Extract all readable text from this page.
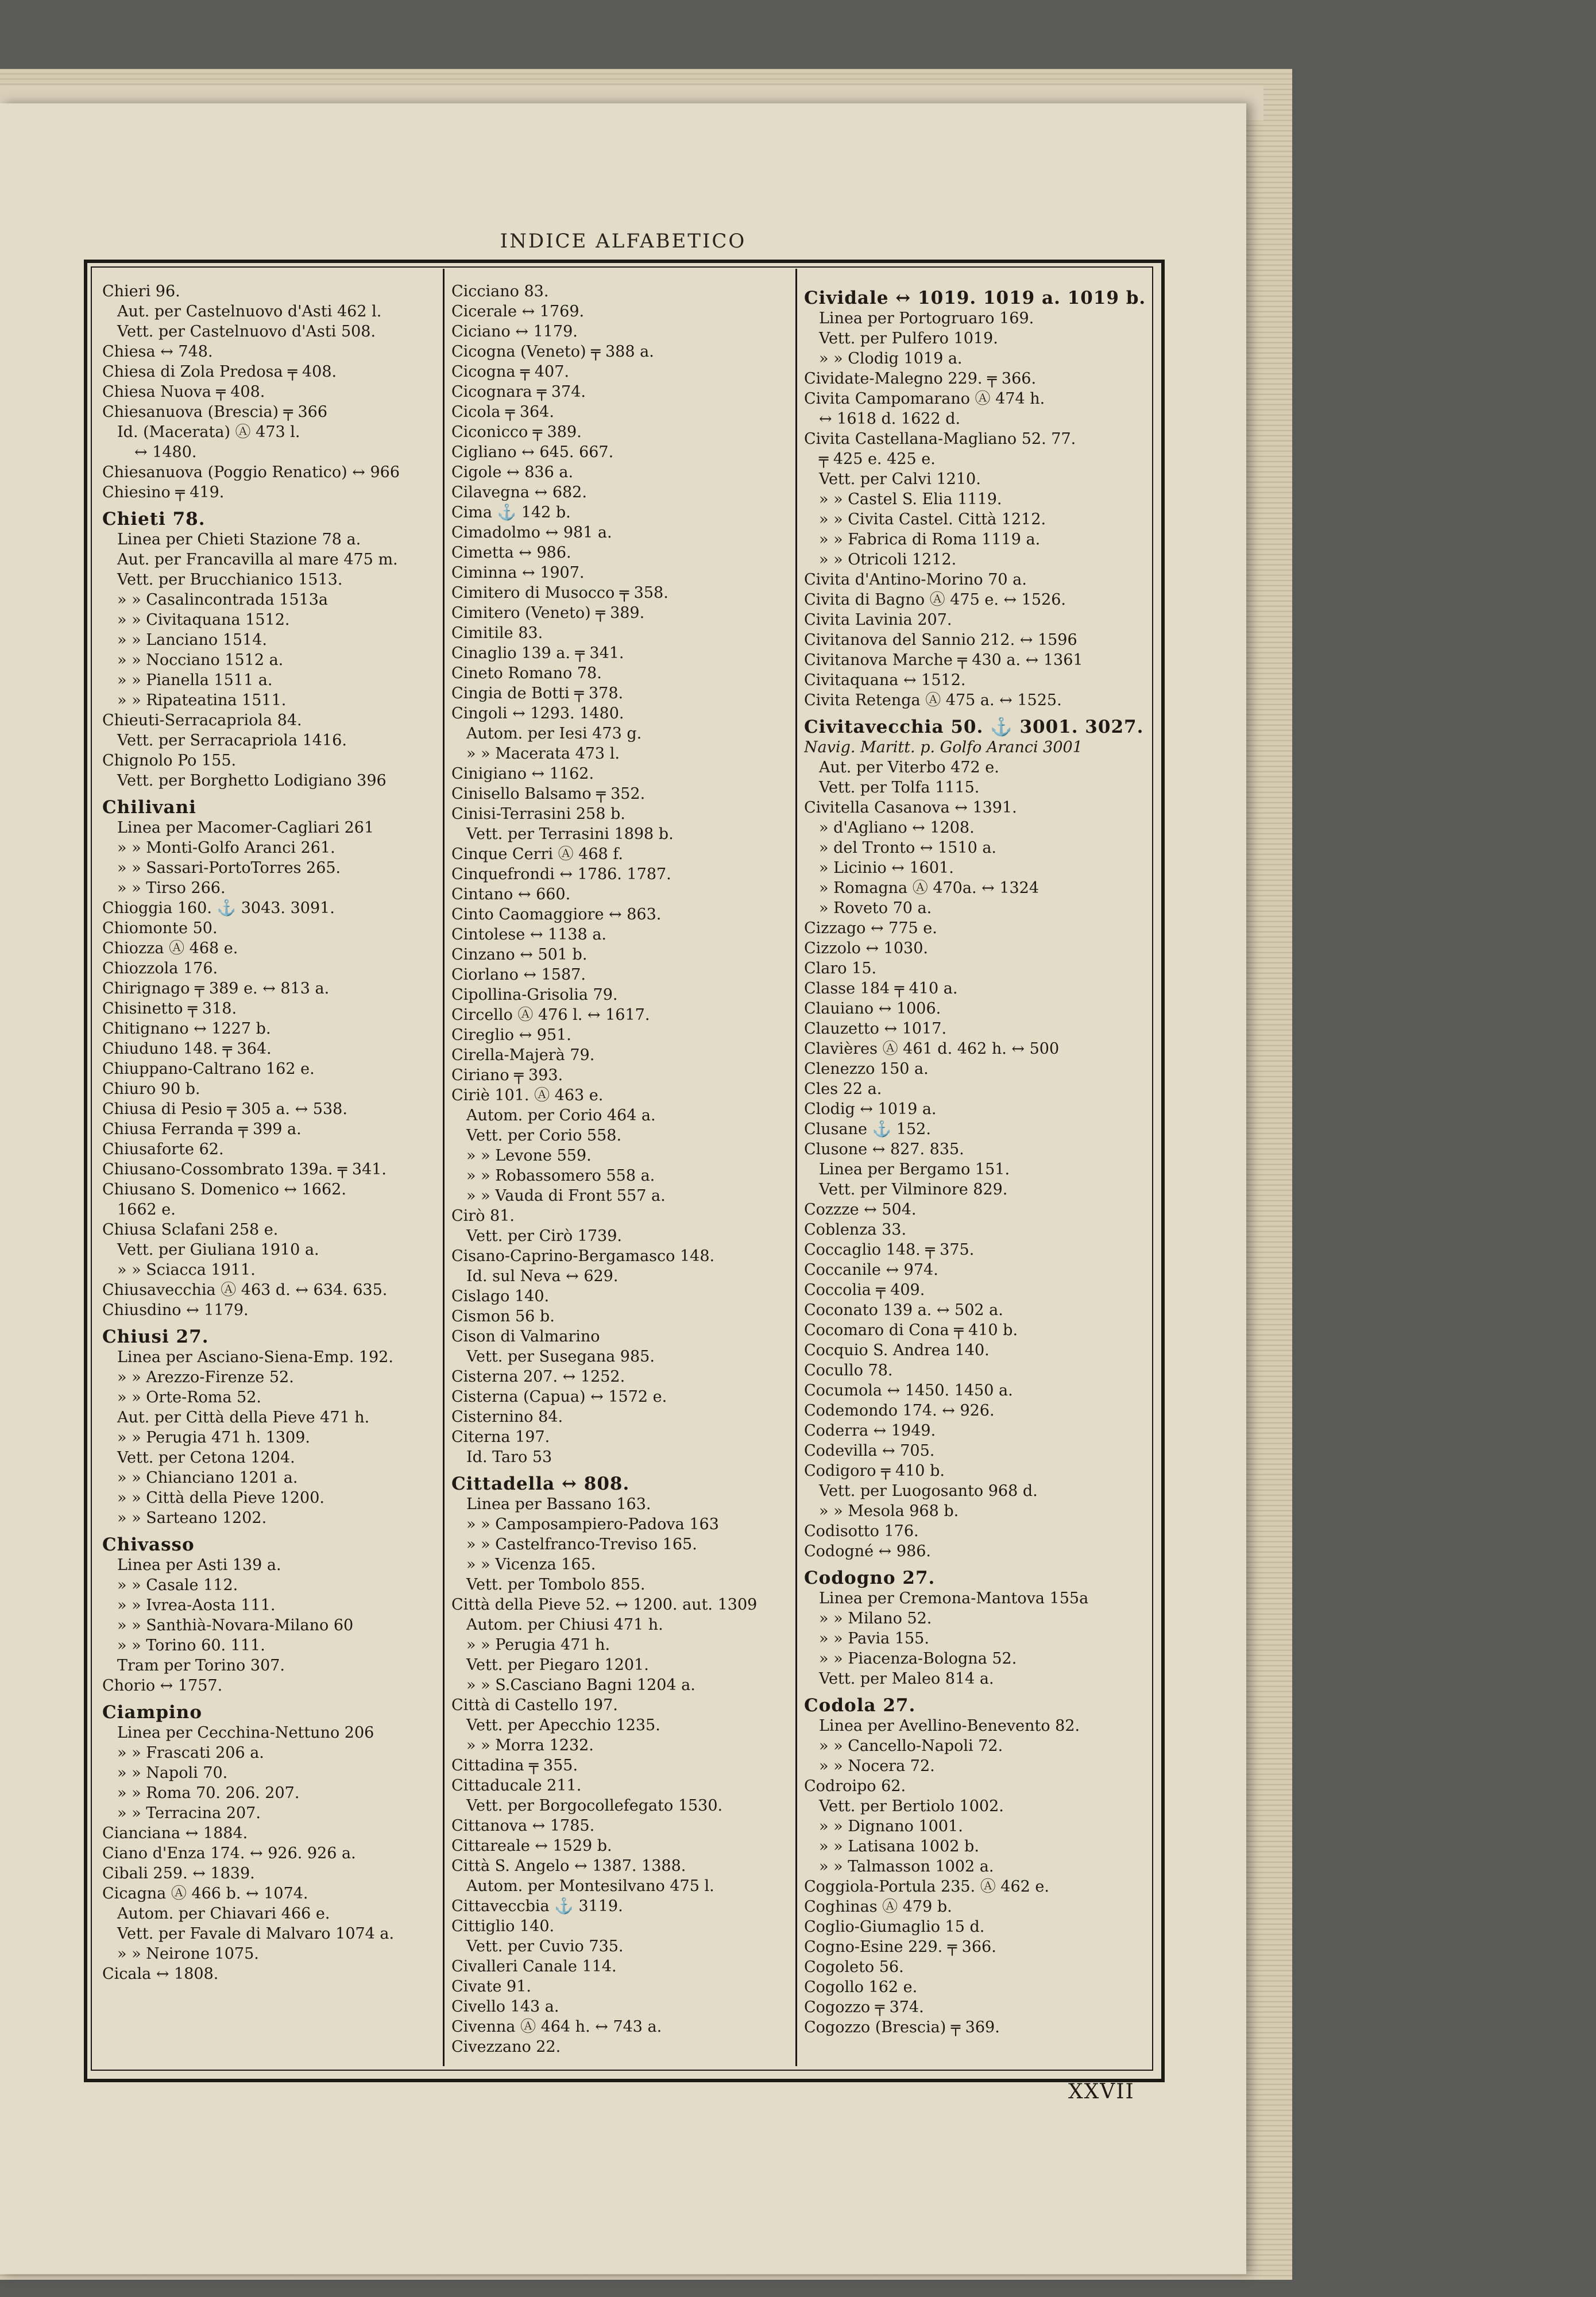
INDICE ALFABETICO
Chieri 96.
Aut. per Castelnuovo d'Asti 462 l.
Vett. per Castelnuovo d'Asti 508.
Chiesa ↔ 748.
Chiesa di Zola Predosa ╤ 408.
Chiesa Nuova ╤ 408.
Chiesanuova (Brescia) ╤ 366
Id. (Macerata) Ⓐ 473 l.
↔ 1480.
Chiesanuova (Poggio Renatico) ↔ 966
Chiesino ╤ 419.
Chieti 78.
Linea per Chieti Stazione 78 a.
Aut. per Francavilla al mare 475 m.
Vett. per Brucchianico 1513.
» » Casalincontrada 1513a
» » Civitaquana 1512.
» » Lanciano 1514.
» » Nocciano 1512 a.
» » Pianella 1511 a.
» » Ripateatina 1511.
Chieuti-Serracapriola 84.
Vett. per Serracapriola 1416.
Chignolo Po 155.
Vett. per Borghetto Lodigiano 396
Chilivani
Linea per Macomer-Cagliari 261
» » Monti-Golfo Aranci 261.
» » Sassari-PortoTorres 265.
» » Tirso 266.
Chioggia 160. ⚓ 3043. 3091.
Chiomonte 50.
Chiozza Ⓐ 468 e.
Chiozzola 176.
Chirignago ╤ 389 e. ↔ 813 a.
Chisinetto ╤ 318.
Chitignano ↔ 1227 b.
Chiuduno 148. ╤ 364.
Chiuppano-Caltrano 162 e.
Chiuro 90 b.
Chiusa di Pesio ╤ 305 a. ↔ 538.
Chiusa Ferranda ╤ 399 a.
Chiusaforte 62.
Chiusano-Cossombrato 139a. ╤ 341.
Chiusano S. Domenico ↔ 1662.
1662 e.
Chiusa Sclafani 258 e.
Vett. per Giuliana 1910 a.
» » Sciacca 1911.
Chiusavecchia Ⓐ 463 d. ↔ 634. 635.
Chiusdino ↔ 1179.
Chiusi 27.
Linea per Asciano-Siena-Emp. 192.
» » Arezzo-Firenze 52.
» » Orte-Roma 52.
Aut. per Città della Pieve 471 h.
» » Perugia 471 h. 1309.
Vett. per Cetona 1204.
» » Chianciano 1201 a.
» » Città della Pieve 1200.
» » Sarteano 1202.
Chivasso
Linea per Asti 139 a.
» » Casale 112.
» » Ivrea-Aosta 111.
» » Santhià-Novara-Milano 60
» » Torino 60. 111.
Tram per Torino 307.
Chorio ↔ 1757.
Ciampino
Linea per Cecchina-Nettuno 206
» » Frascati 206 a.
» » Napoli 70.
» » Roma 70. 206. 207.
» » Terracina 207.
Cianciana ↔ 1884.
Ciano d'Enza 174. ↔ 926. 926 a.
Cibali 259. ↔ 1839.
Cicagna Ⓐ 466 b. ↔ 1074.
Autom. per Chiavari 466 e.
Vett. per Favale di Malvaro 1074 a.
» » Neirone 1075.
Cicala ↔ 1808.
Cicciano 83.
Cicerale ↔ 1769.
Ciciano ↔ 1179.
Cicogna (Veneto) ╤ 388 a.
Cicogna ╤ 407.
Cicognara ╤ 374.
Cicola ╤ 364.
Ciconicco ╤ 389.
Cigliano ↔ 645. 667.
Cigole ↔ 836 a.
Cilavegna ↔ 682.
Cima ⚓ 142 b.
Cimadolmo ↔ 981 a.
Cimetta ↔ 986.
Ciminna ↔ 1907.
Cimitero di Musocco ╤ 358.
Cimitero (Veneto) ╤ 389.
Cimitile 83.
Cinaglio 139 a. ╤ 341.
Cineto Romano 78.
Cingia de Botti ╤ 378.
Cingoli ↔ 1293. 1480.
Autom. per Iesi 473 g.
» » Macerata 473 l.
Cinigiano ↔ 1162.
Cinisello Balsamo ╤ 352.
Cinisi-Terrasini 258 b.
Vett. per Terrasini 1898 b.
Cinque Cerri Ⓐ 468 f.
Cinquefrondi ↔ 1786. 1787.
Cintano ↔ 660.
Cinto Caomaggiore ↔ 863.
Cintolese ↔ 1138 a.
Cinzano ↔ 501 b.
Ciorlano ↔ 1587.
Cipollina-Grisolia 79.
Circello Ⓐ 476 l. ↔ 1617.
Cireglio ↔ 951.
Cirella-Majerà 79.
Ciriano ╤ 393.
Ciriè 101. Ⓐ 463 e.
Autom. per Corio 464 a.
Vett. per Corio 558.
» » Levone 559.
» » Robassomero 558 a.
» » Vauda di Front 557 a.
Cirò 81.
Vett. per Cirò 1739.
Cisano-Caprino-Bergamasco 148.
Id. sul Neva ↔ 629.
Cislago 140.
Cismon 56 b.
Cison di Valmarino
Vett. per Susegana 985.
Cisterna 207. ↔ 1252.
Cisterna (Capua) ↔ 1572 e.
Cisternino 84.
Citerna 197.
Id. Taro 53
Cittadella ↔ 808.
Linea per Bassano 163.
» » Camposampiero-Padova 163
» » Castelfranco-Treviso 165.
» » Vicenza 165.
Vett. per Tombolo 855.
Città della Pieve 52. ↔ 1200. aut. 1309
Autom. per Chiusi 471 h.
» » Perugia 471 h.
Vett. per Piegaro 1201.
» » S.Casciano Bagni 1204 a.
Città di Castello 197.
Vett. per Apecchio 1235.
» » Morra 1232.
Cittadina ╤ 355.
Cittaducale 211.
Vett. per Borgocollefegato 1530.
Cittanova ↔ 1785.
Cittareale ↔ 1529 b.
Città S. Angelo ↔ 1387. 1388.
Autom. per Montesilvano 475 l.
Cittaveccbia ⚓ 3119.
Cittiglio 140.
Vett. per Cuvio 735.
Civalleri Canale 114.
Civate 91.
Civello 143 a.
Civenna Ⓐ 464 h. ↔ 743 a.
Civezzano 22.
Cividale ↔ 1019. 1019 a. 1019 b.
Linea per Portogruaro 169.
Vett. per Pulfero 1019.
» » Clodig 1019 a.
Cividate-Malegno 229. ╤ 366.
Civita Campomarano Ⓐ 474 h.
↔ 1618 d. 1622 d.
Civita Castellana-Magliano 52. 77.
╤ 425 e. 425 e.
Vett. per Calvi 1210.
» » Castel S. Elia 1119.
» » Civita Castel. Città 1212.
» » Fabrica di Roma 1119 a.
» » Otricoli 1212.
Civita d'Antino-Morino 70 a.
Civita di Bagno Ⓐ 475 e. ↔ 1526.
Civita Lavinia 207.
Civitanova del Sannio 212. ↔ 1596
Civitanova Marche ╤ 430 a. ↔ 1361
Civitaquana ↔ 1512.
Civita Retenga Ⓐ 475 a. ↔ 1525.
Civitavecchia 50. ⚓ 3001. 3027.
Navig. Maritt. p. Golfo Aranci 3001
Aut. per Viterbo 472 e.
Vett. per Tolfa 1115.
Civitella Casanova ↔ 1391.
» d'Agliano ↔ 1208.
» del Tronto ↔ 1510 a.
» Licinio ↔ 1601.
» Romagna Ⓐ 470a. ↔ 1324
» Roveto 70 a.
Cizzago ↔ 775 e.
Cizzolo ↔ 1030.
Claro 15.
Classe 184 ╤ 410 a.
Clauiano ↔ 1006.
Clauzetto ↔ 1017.
Clavières Ⓐ 461 d. 462 h. ↔ 500
Clenezzo 150 a.
Cles 22 a.
Clodig ↔ 1019 a.
Clusane ⚓ 152.
Clusone ↔ 827. 835.
Linea per Bergamo 151.
Vett. per Vilminore 829.
Cozzze ↔ 504.
Coblenza 33.
Coccaglio 148. ╤ 375.
Coccanile ↔ 974.
Coccolia ╤ 409.
Coconato 139 a. ↔ 502 a.
Cocomaro di Cona ╤ 410 b.
Cocquio S. Andrea 140.
Cocullo 78.
Cocumola ↔ 1450. 1450 a.
Codemondo 174. ↔ 926.
Coderra ↔ 1949.
Codevilla ↔ 705.
Codigoro ╤ 410 b.
Vett. per Luogosanto 968 d.
» » Mesola 968 b.
Codisotto 176.
Codogné ↔ 986.
Codogno 27.
Linea per Cremona-Mantova 155a
» » Milano 52.
» » Pavia 155.
» » Piacenza-Bologna 52.
Vett. per Maleo 814 a.
Codola 27.
Linea per Avellino-Benevento 82.
» » Cancello-Napoli 72.
» » Nocera 72.
Codroipo 62.
Vett. per Bertiolo 1002.
» » Dignano 1001.
» » Latisana 1002 b.
» » Talmasson 1002 a.
Coggiola-Portula 235. Ⓐ 462 e.
Coghinas Ⓐ 479 b.
Coglio-Giumaglio 15 d.
Cogno-Esine 229. ╤ 366.
Cogoleto 56.
Cogollo 162 e.
Cogozzo ╤ 374.
Cogozzo (Brescia) ╤ 369.
XXVII
